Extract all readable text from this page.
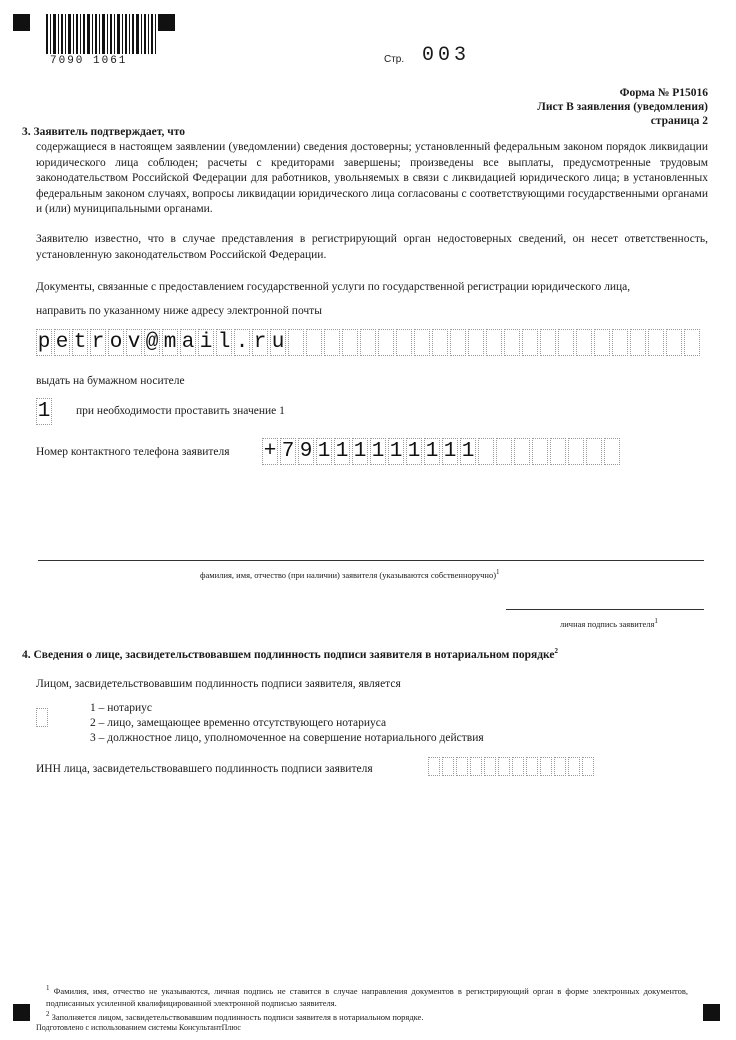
7090 1061	Стр. 003
Форма № Р15016
Лист В заявления (уведомления)
страница 2
3. Заявитель подтверждает, что
содержащиеся в настоящем заявлении (уведомлении) сведения достоверны; установленный федеральным законом порядок ликвидации юридического лица соблюден; расчеты с кредиторами завершены; произведены все выплаты, предусмотренные трудовым законодательством Российской Федерации для работников, увольняемых в связи с ликвидацией юридического лица; в установленных федеральным законом случаях, вопросы ликвидации юридического лица согласованы с соответствующими государственными органами и (или) муниципальными органами.
Заявителю известно, что в случае представления в регистрирующий орган недостоверных сведений, он несет ответственность, установленную законодательством Российской Федерации.
Документы, связанные с предоставлением государственной услуги по государственной регистрации юридического лица,
направить по указанному ниже адресу электронной почты
p e t r o v @ m a i l . r u
выдать на бумажном носителе
1 при необходимости проставить значение 1
Номер контактного телефона заявителя + 7 9 1 1 1 1 1 1 1 1 1
фамилия, имя, отчество (при наличии) заявителя (указываются собственноручно)$^1$
личная подпись заявителя$^1$
4. Сведения о лице, засвидетельствовавшем подлинность подписи заявителя в нотариальном порядке$^2$
Лицом, засвидетельствовавшим подлинность подписи заявителя, является
1 – нотариус
2 – лицо, замещающее временно отсутствующего нотариуса
3 – должностное лицо, уполномоченное на совершение нотариального действия
ИНН лица, засвидетельствовавшего подлинность подписи заявителя
$^1$ Фамилия, имя, отчество не указываются, личная подпись не ставится в случае направления документов в регистрирующий орган в форме электронных документов, подписанных усиленной квалифицированной электронной подписью заявителя.
$^2$ Заполняется лицом, засвидетельствовавшим подлинность подписи заявителя в нотариальном порядке.
Подготовлено с использованием системы КонсультантПлюс
